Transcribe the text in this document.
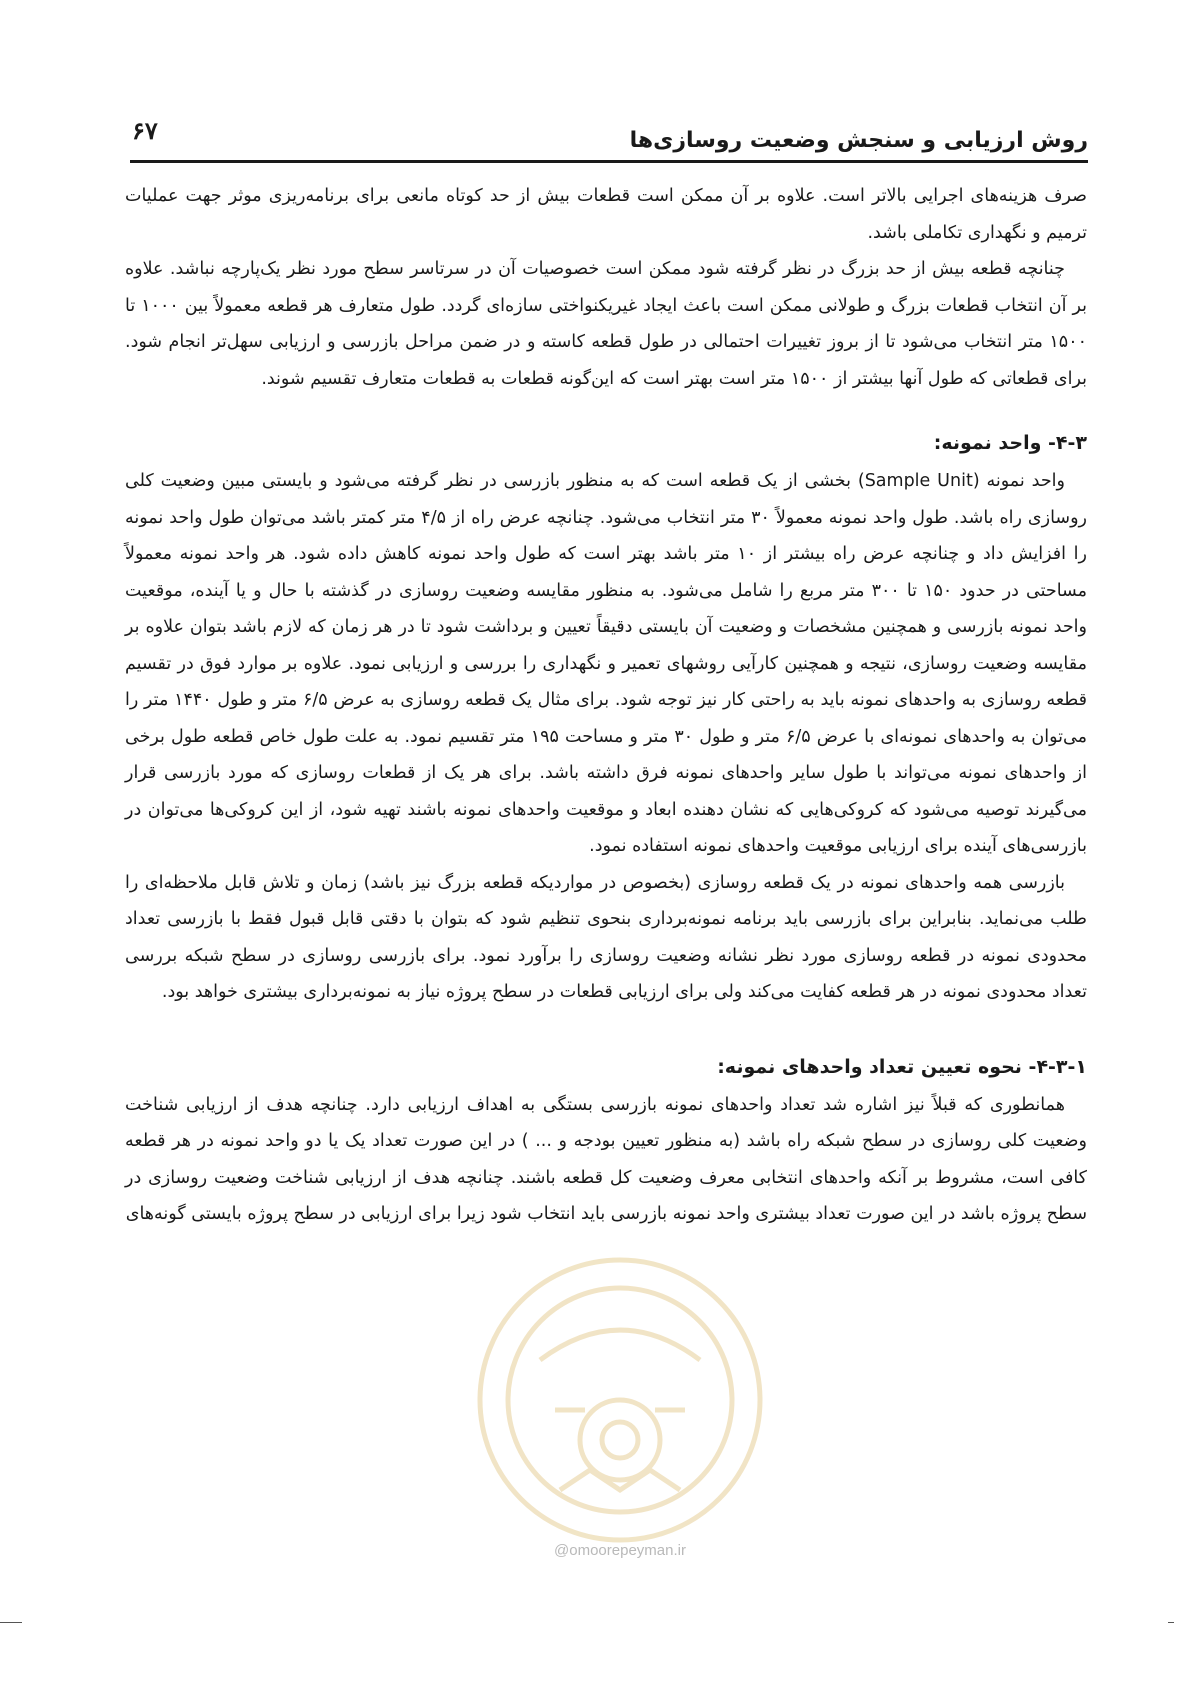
۶۷	روش ارزیابی و سنجش وضعیت روسازی‌ها

صرف هزینه‌های اجرایی بالاتر است. علاوه بر آن ممکن است قطعات بیش از حد کوتاه مانعی برای برنامه‌ریزی موثر جهت عملیات ترمیم و نگهداری تکاملی باشد.

چنانچه قطعه بیش از حد بزرگ در نظر گرفته شود ممکن است خصوصیات آن در سرتاسر سطح مورد نظر یک‌پارچه نباشد. علاوه بر آن انتخاب قطعات بزرگ و طولانی ممکن است باعث ایجاد غیریکنواختی سازه‌ای گردد. طول متعارف هر قطعه معمولاً بین ۱۰۰۰ تا ۱۵۰۰ متر انتخاب می‌شود تا از بروز تغییرات احتمالی در طول قطعه کاسته و در ضمن مراحل بازرسی و ارزیابی سهل‌تر انجام شود. برای قطعاتی که طول آنها بیشتر از ۱۵۰۰ متر است بهتر است که این‌گونه قطعات به قطعات متعارف تقسیم شوند.

۴-۳- واحد نمونه:

واحد نمونه (Sample Unit) بخشی از یک قطعه است که به منظور بازرسی در نظر گرفته می‌شود و بایستی مبین وضعیت کلی روسازی راه باشد. طول واحد نمونه معمولاً ۳۰ متر انتخاب می‌شود. چنانچه عرض راه از ۴/۵ متر کمتر باشد می‌توان طول واحد نمونه را افزایش داد و چنانچه عرض راه بیشتر از ۱۰ متر باشد بهتر است که طول واحد نمونه کاهش داده شود. هر واحد نمونه معمولاً مساحتی در حدود ۱۵۰ تا ۳۰۰ متر مربع را شامل می‌شود. به منظور مقایسه وضعیت روسازی در گذشته با حال و یا آینده، موقعیت واحد نمونه بازرسی و همچنین مشخصات و وضعیت آن بایستی دقیقاً تعیین و برداشت شود تا در هر زمان که لازم باشد بتوان علاوه بر مقایسه وضعیت روسازی، نتیجه و همچنین کارآیی روشهای تعمیر و نگهداری را بررسی و ارزیابی نمود. علاوه بر موارد فوق در تقسیم قطعه روسازی به واحدهای نمونه باید به راحتی کار نیز توجه شود. برای مثال یک قطعه روسازی به عرض ۶/۵ متر و طول ۱۴۴۰ متر را می‌توان به واحدهای نمونه‌ای با عرض ۶/۵ متر و طول ۳۰ متر و مساحت ۱۹۵ متر تقسیم نمود. به علت طول خاص قطعه طول برخی از واحدهای نمونه می‌تواند با طول سایر واحدهای نمونه فرق داشته باشد. برای هر یک از قطعات روسازی که مورد بازرسی قرار می‌گیرند توصیه می‌شود که کروکی‌هایی که نشان دهنده ابعاد و موقعیت واحدهای نمونه باشند تهیه شود، از این کروکی‌ها می‌توان در بازرسی‌های آینده برای ارزیابی موقعیت واحدهای نمونه استفاده نمود.

بازرسی همه واحدهای نمونه در یک قطعه روسازی (بخصوص در مواردیکه قطعه بزرگ نیز باشد) زمان و تلاش قابل ملاحظه‌ای را طلب می‌نماید. بنابراین برای بازرسی باید برنامه نمونه‌برداری بنحوی تنظیم شود که بتوان با دقتی قابل قبول فقط با بازرسی تعداد محدودی نمونه در قطعه روسازی مورد نظر نشانه وضعیت روسازی را برآورد نمود. برای بازرسی روسازی در سطح شبکه بررسی تعداد محدودی نمونه در هر قطعه کفایت می‌کند ولی برای ارزیابی قطعات در سطح پروژه نیاز به نمونه‌برداری بیشتری خواهد بود.

۴-۳-۱- نحوه تعیین تعداد واحدهای نمونه:

همانطوری که قبلاً نیز اشاره شد تعداد واحدهای نمونه بازرسی بستگی به اهداف ارزیابی دارد. چنانچه هدف از ارزیابی شناخت وضعیت کلی روسازی در سطح شبکه راه باشد (به منظور تعیین بودجه و ... ) در این صورت تعداد یک یا دو واحد نمونه در هر قطعه کافی است، مشروط بر آنکه واحدهای انتخابی معرف وضعیت کل قطعه باشند. چنانچه هدف از ارزیابی شناخت وضعیت روسازی در سطح پروژه باشد در این صورت تعداد بیشتری واحد نمونه بازرسی باید انتخاب شود زیرا برای ارزیابی در سطح پروژه بایستی گونه‌های

@omoorepeyman.ir
